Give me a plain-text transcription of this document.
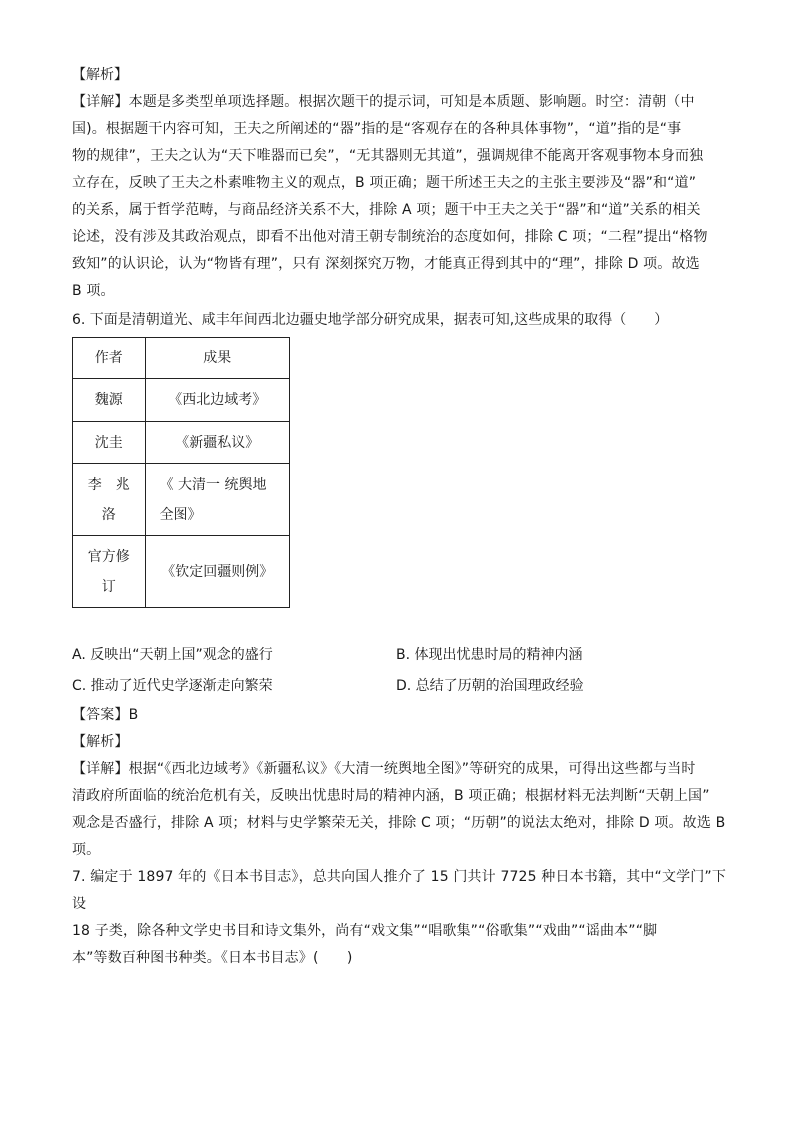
【解析】
【详解】本题是多类型单项选择题。根据次题干的提示词，可知是本质题、影响题。时空：清朝（中
国)。根据题干内容可知，王夫之所阐述的“器”指的是“客观存在的各种具体事物”，“道”指的是“事
物的规律”，王夫之认为“天下唯器而已矣”，“无其器则无其道”，强调规律不能离开客观事物本身而独
立存在，反映了王夫之朴素唯物主义的观点，B 项正确；题干所述王夫之的主张主要涉及“器”和“道”
的关系，属于哲学范畴，与商品经济关系不大，排除 A 项；题干中王夫之关于“器”和“道”关系的相关
论述，没有涉及其政治观点，即看不出他对清王朝专制统治的态度如何，排除 C 项；“二程”提出“格物
致知”的认识论，认为“物皆有理”，只有 深刻探究万物，才能真正得到其中的“理”，排除 D 项。故选
B 项。
6. 下面是清朝道光、咸丰年间西北边疆史地学部分研究成果，据表可知,这些成果的取得（　　）
作者	成果
魏源	《西北边域考》
沈圭	《新疆私议》

李　兆　洛	《 大清一 统舆地 全图》

官方修 订	《钦定回疆则例》
A. 反映出“天朝上国”观念的盛行	B. 体现出忧患时局的精神内涵
C. 推动了近代史学逐渐走向繁荣	D. 总结了历朝的治国理政经验
【答案】B
【解析】
【详解】根据“《西北边域考》《新疆私议》《大清一统舆地全图》”等研究的成果，可得出这些都与当时
清政府所面临的统治危机有关，反映出忧患时局的精神内涵，B 项正确；根据材料无法判断“天朝上国”
观念是否盛行，排除 A 项；材料与史学繁荣无关，排除 C 项；“历朝”的说法太绝对，排除 D 项。故选 B
项。
7. 编定于 1897 年的《日本书目志》，总共向国人推介了 15 门共计 7725 种日本书籍，其中“文学门”下设
18 子类，除各种文学史书目和诗文集外，尚有“戏文集”“唱歌集”“俗歌集”“戏曲”“谣曲本”“脚
本”等数百种图书种类。《日本书目志》(　　)
